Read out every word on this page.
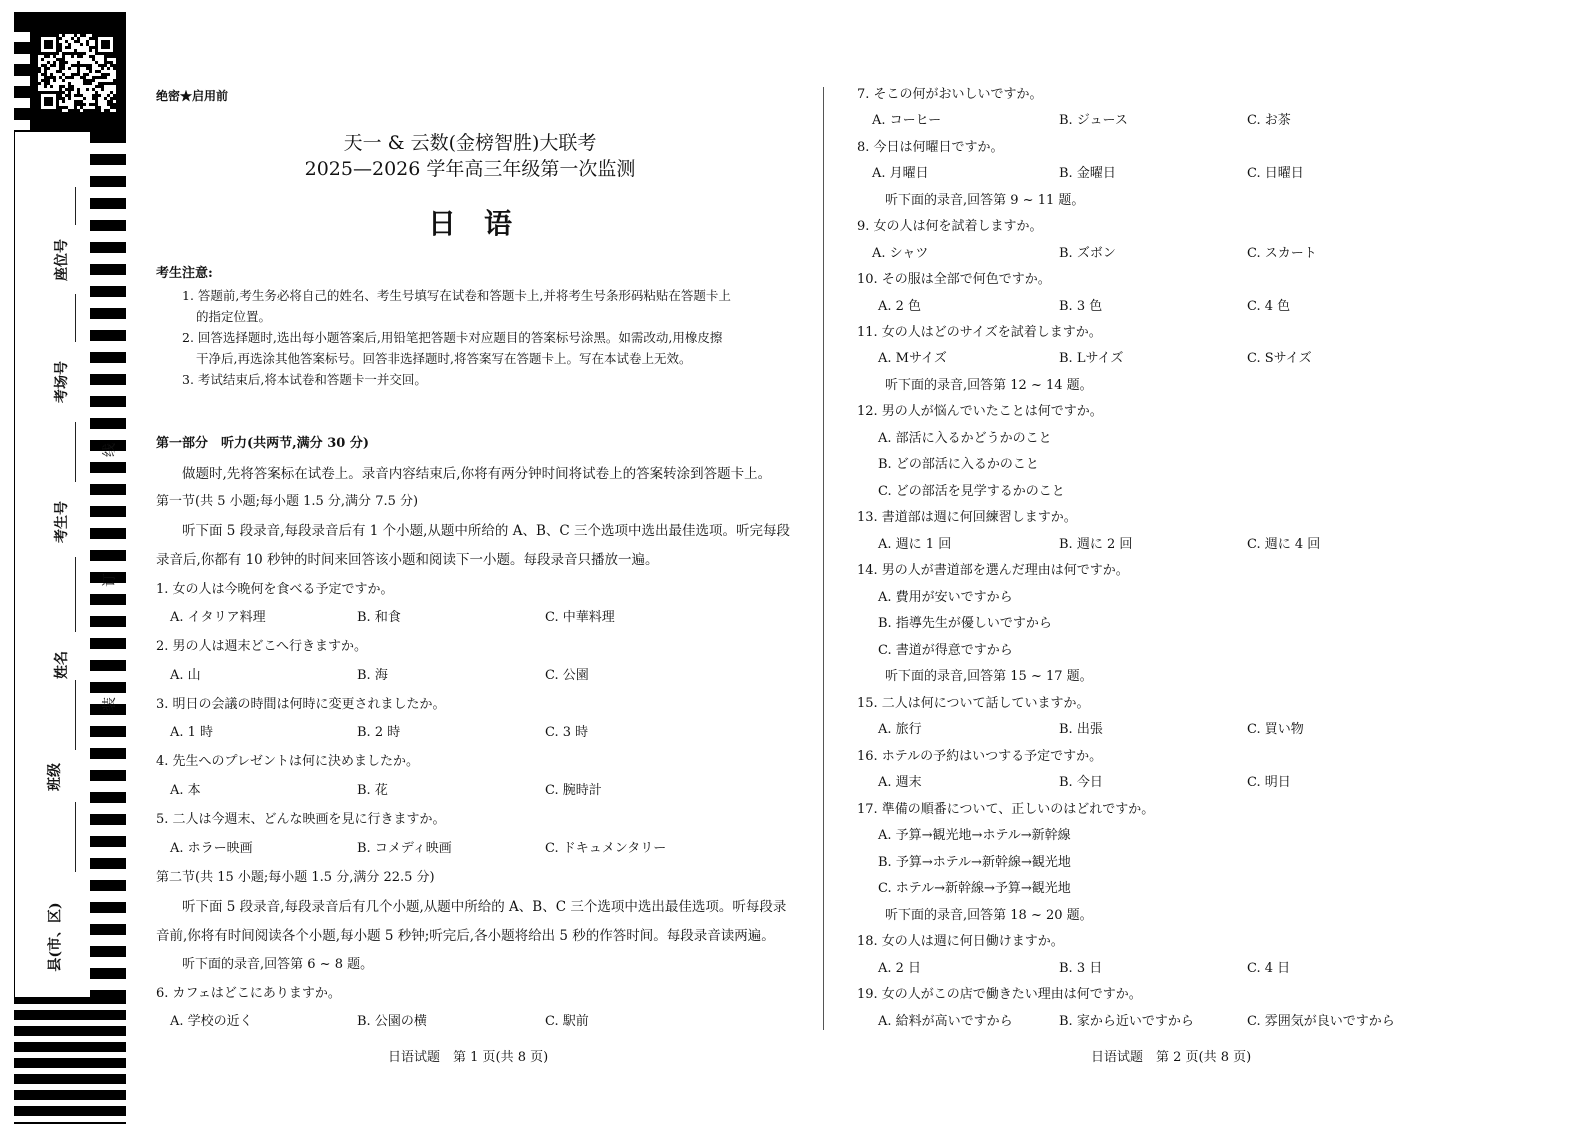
座位号
考场号
考生号
姓名
班级
县(市、区)
线
订
装
绝密★启用前
天一 & 云数(金榜智胜)大联考
2025—2026 学年高三年级第一次监测
日　语
考生注意:
1. 答题前,考生务必将自己的姓名、考生号填写在试卷和答题卡上,并将考生号条形码粘贴在答题卡上
的指定位置。
2. 回答选择题时,选出每小题答案后,用铅笔把答题卡对应题目的答案标号涂黑。如需改动,用橡皮擦
干净后,再选涂其他答案标号。回答非选择题时,将答案写在答题卡上。写在本试卷上无效。
3. 考试结束后,将本试卷和答题卡一并交回。
第一部分　听力(共两节,满分 30 分)
做题时,先将答案标在试卷上。录音内容结束后,你将有两分钟时间将试卷上的答案转涂到答题卡上。
第一节(共 5 小题;每小题 1.5 分,满分 7.5 分)
听下面 5 段录音,每段录音后有 1 个小题,从题中所给的 A、B、C 三个选项中选出最佳选项。听完每段
录音后,你都有 10 秒钟的时间来回答该小题和阅读下一小题。每段录音只播放一遍。
第二节(共 15 小题;每小题 1.5 分,满分 22.5 分)
听下面 5 段录音,每段录音后有几个小题,从题中所给的 A、B、C 三个选项中选出最佳选项。听每段录
音前,你将有时间阅读各个小题,每小题 5 秒钟;听完后,各小题将给出 5 秒的作答时间。每段录音读两遍。
听下面的录音,回答第 6 ~ 8 题。
1. 女の人は今晩何を食べる予定ですか。
A. イタリア料理	B. 和食	C. 中華料理
2. 男の人は週末どこへ行きますか。
A. 山	B. 海	C. 公園
3. 明日の会議の時間は何時に変更されましたか。
A. 1 時	B. 2 時	C. 3 時
4. 先生へのプレゼントは何に決めましたか。
A. 本	B. 花	C. 腕時計
5. 二人は今週末、どんな映画を見に行きますか。
A. ホラー映画	B. コメディ映画	C. ドキュメンタリー
6. カフェはどこにありますか。
A. 学校の近く	B. 公園の横	C. 駅前
日语试题　第 1 页(共 8 页)
7. そこの何がおいしいですか。
A. コーヒー	B. ジュース	C. お茶
8. 今日は何曜日ですか。
A. 月曜日	B. 金曜日	C. 日曜日
听下面的录音,回答第 9 ~ 11 题。
9. 女の人は何を試着しますか。
A. シャツ	B. ズボン	C. スカート
10. その服は全部で何色ですか。
A. 2 色	B. 3 色	C. 4 色
11. 女の人はどのサイズを試着しますか。
A. Mサイズ	B. Lサイズ	C. Sサイズ
听下面的录音,回答第 12 ~ 14 题。
12. 男の人が悩んでいたことは何ですか。
A. 部活に入るかどうかのこと
B. どの部活に入るかのこと
C. どの部活を見学するかのこと
13. 書道部は週に何回練習しますか。
A. 週に 1 回	B. 週に 2 回	C. 週に 4 回
14. 男の人が書道部を選んだ理由は何ですか。
A. 費用が安いですから
B. 指導先生が優しいですから
C. 書道が得意ですから
听下面的录音,回答第 15 ~ 17 题。
15. 二人は何について話していますか。
A. 旅行	B. 出張	C. 買い物
16. ホテルの予約はいつする予定ですか。
A. 週末	B. 今日	C. 明日
17. 準備の順番について、正しいのはどれですか。
A. 予算→観光地→ホテル→新幹線
B. 予算→ホテル→新幹線→観光地
C. ホテル→新幹線→予算→観光地
听下面的录音,回答第 18 ~ 20 题。
18. 女の人は週に何日働けますか。
A. 2 日	B. 3 日	C. 4 日
19. 女の人がこの店で働きたい理由は何ですか。
A. 給料が高いですから	B. 家から近いですから	C. 雰囲気が良いですから
日语试题　第 2 页(共 8 页)
